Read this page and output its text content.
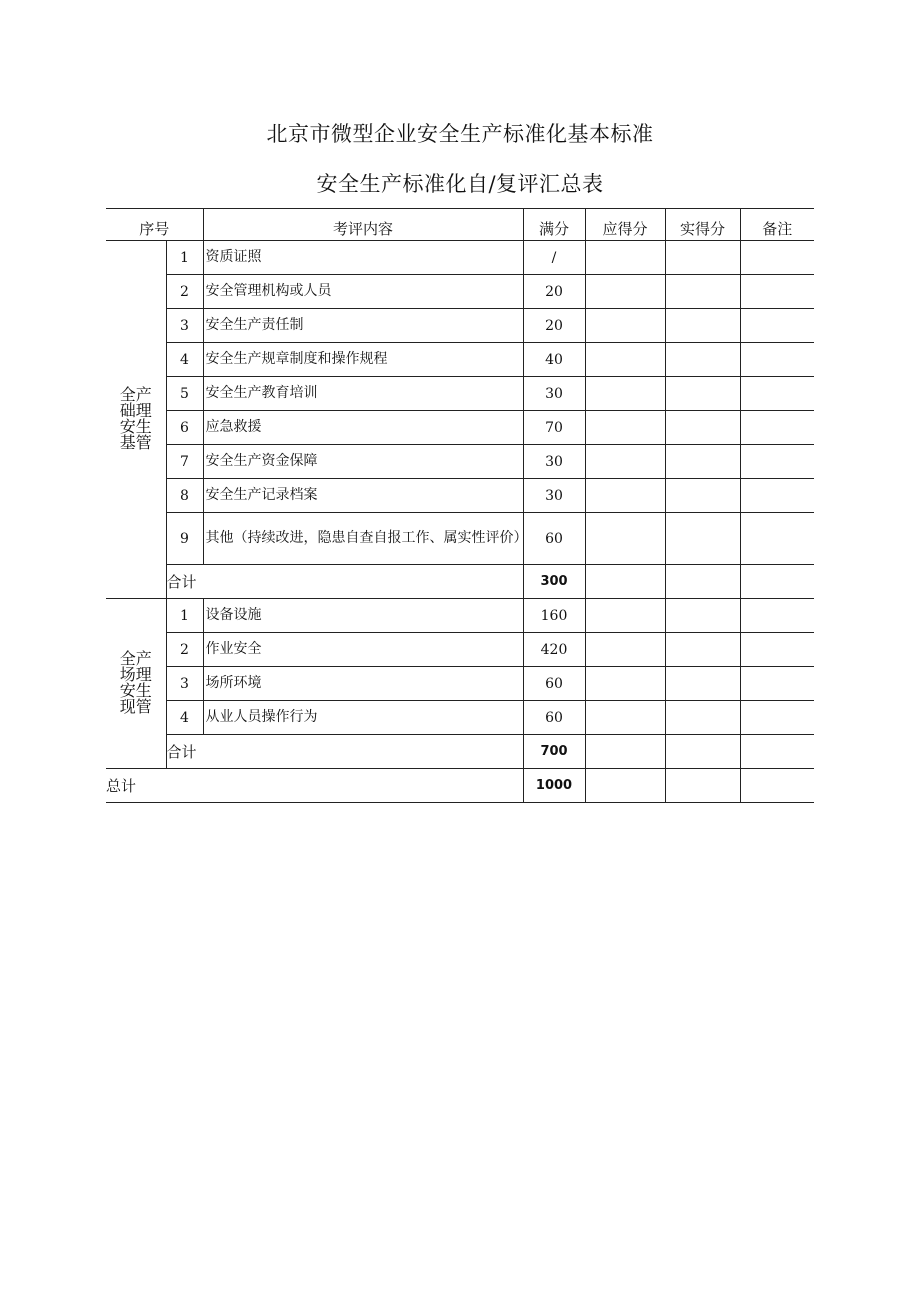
北京市微型企业安全生产标准化基本标准
安全生产标准化自/复评汇总表
序号		考评内容	满分	应得分	实得分	备注
全产础理安生基管	1	资质证照	/			
	2	安全管理机构或人员	20			
	3	安全生产责任制	20			
	4	安全生产规章制度和操作规程	40			
	5	安全生产教育培训	30			
	6	应急救援	70			
	7	安全生产资金保障	30			
	8	安全生产记录档案	30			
	9	其他（持续改进，隐患自查自报工作、属实性评价）	60			
	合计		300			
全产场理安生现管	1	设备设施	160			
	2	作业安全	420			
	3	场所环境	60			
	4	从业人员操作行为	60			
	合计		700			
总计			1000			
